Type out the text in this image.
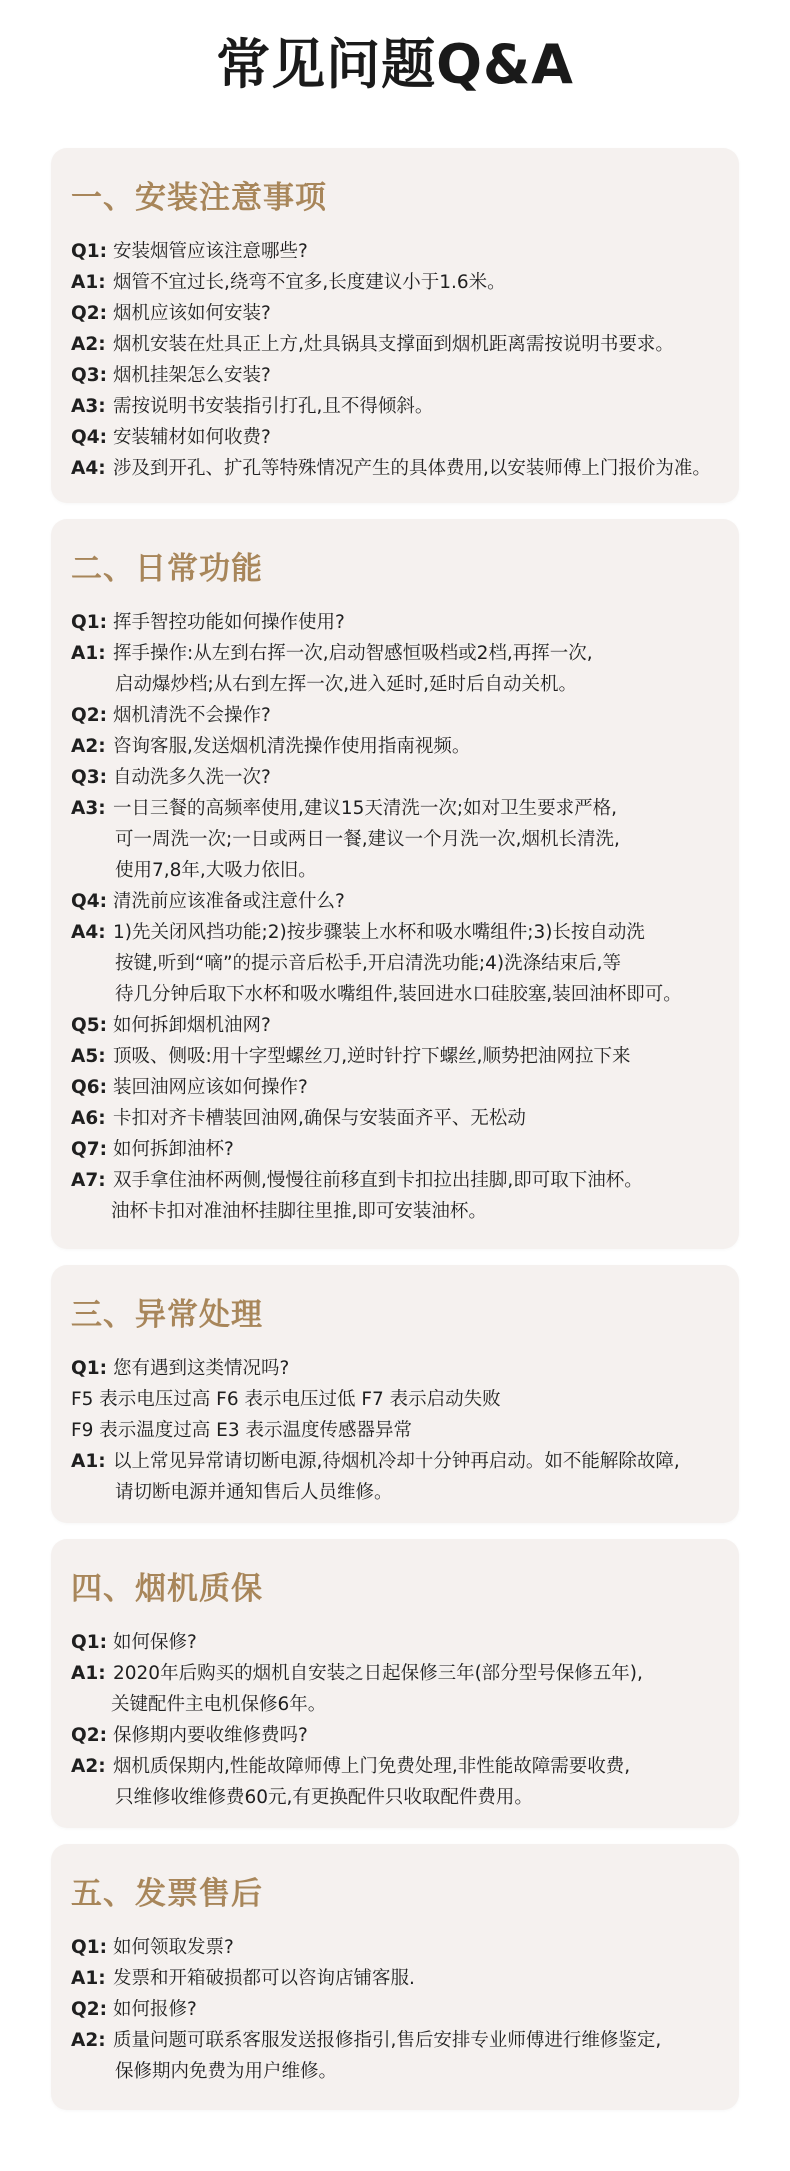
常见问题Q&A
一、安装注意事项
Q1: 安装烟管应该注意哪些?
A1: 烟管不宜过长,绕弯不宜多,长度建议小于1.6米。
Q2: 烟机应该如何安装?
A2: 烟机安装在灶具正上方,灶具锅具支撑面到烟机距离需按说明书要求。
Q3: 烟机挂架怎么安装?
A3: 需按说明书安装指引打孔,且不得倾斜。
Q4: 安装辅材如何收费?
A4: 涉及到开孔、扩孔等特殊情况产生的具体费用,以安装师傅上门报价为准。
二、日常功能
Q1: 挥手智控功能如何操作使用?
A1: 挥手操作:从左到右挥一次,启动智感恒吸档或2档,再挥一次,
启动爆炒档;从右到左挥一次,进入延时,延时后自动关机。
Q2: 烟机清洗不会操作?
A2: 咨询客服,发送烟机清洗操作使用指南视频。
Q3: 自动洗多久洗一次?
A3: 一日三餐的高频率使用,建议15天清洗一次;如对卫生要求严格,
可一周洗一次;一日或两日一餐,建议一个月洗一次,烟机长清洗,
使用7,8年,大吸力依旧。
Q4: 清洗前应该准备或注意什么?
A4: 1)先关闭风挡功能;2)按步骤装上水杯和吸水嘴组件;3)长按自动洗
按键,听到“嘀”的提示音后松手,开启清洗功能;4)洗涤结束后,等
待几分钟后取下水杯和吸水嘴组件,装回进水口硅胶塞,装回油杯即可。
Q5: 如何拆卸烟机油网?
A5: 顶吸、侧吸:用十字型螺丝刀,逆时针拧下螺丝,顺势把油网拉下来
Q6: 装回油网应该如何操作?
A6: 卡扣对齐卡槽装回油网,确保与安装面齐平、无松动
Q7: 如何拆卸油杯?
A7: 双手拿住油杯两侧,慢慢往前移直到卡扣拉出挂脚,即可取下油杯。
油杯卡扣对准油杯挂脚往里推,即可安装油杯。
三、异常处理
Q1: 您有遇到这类情况吗?
F5 表示电压过高 F6 表示电压过低 F7 表示启动失败
F9 表示温度过高 E3 表示温度传感器异常
A1: 以上常见异常请切断电源,待烟机冷却十分钟再启动。如不能解除故障,
请切断电源并通知售后人员维修。
四、烟机质保
Q1: 如何保修?
A1: 2020年后购买的烟机自安装之日起保修三年(部分型号保修五年),
关键配件主电机保修6年。
Q2: 保修期内要收维修费吗?
A2: 烟机质保期内,性能故障师傅上门免费处理,非性能故障需要收费,
只维修收维修费60元,有更换配件只收取配件费用。
五、发票售后
Q1: 如何领取发票?
A1: 发票和开箱破损都可以咨询店铺客服.
Q2: 如何报修?
A2: 质量问题可联系客服发送报修指引,售后安排专业师傅进行维修鉴定,
保修期内免费为用户维修。
